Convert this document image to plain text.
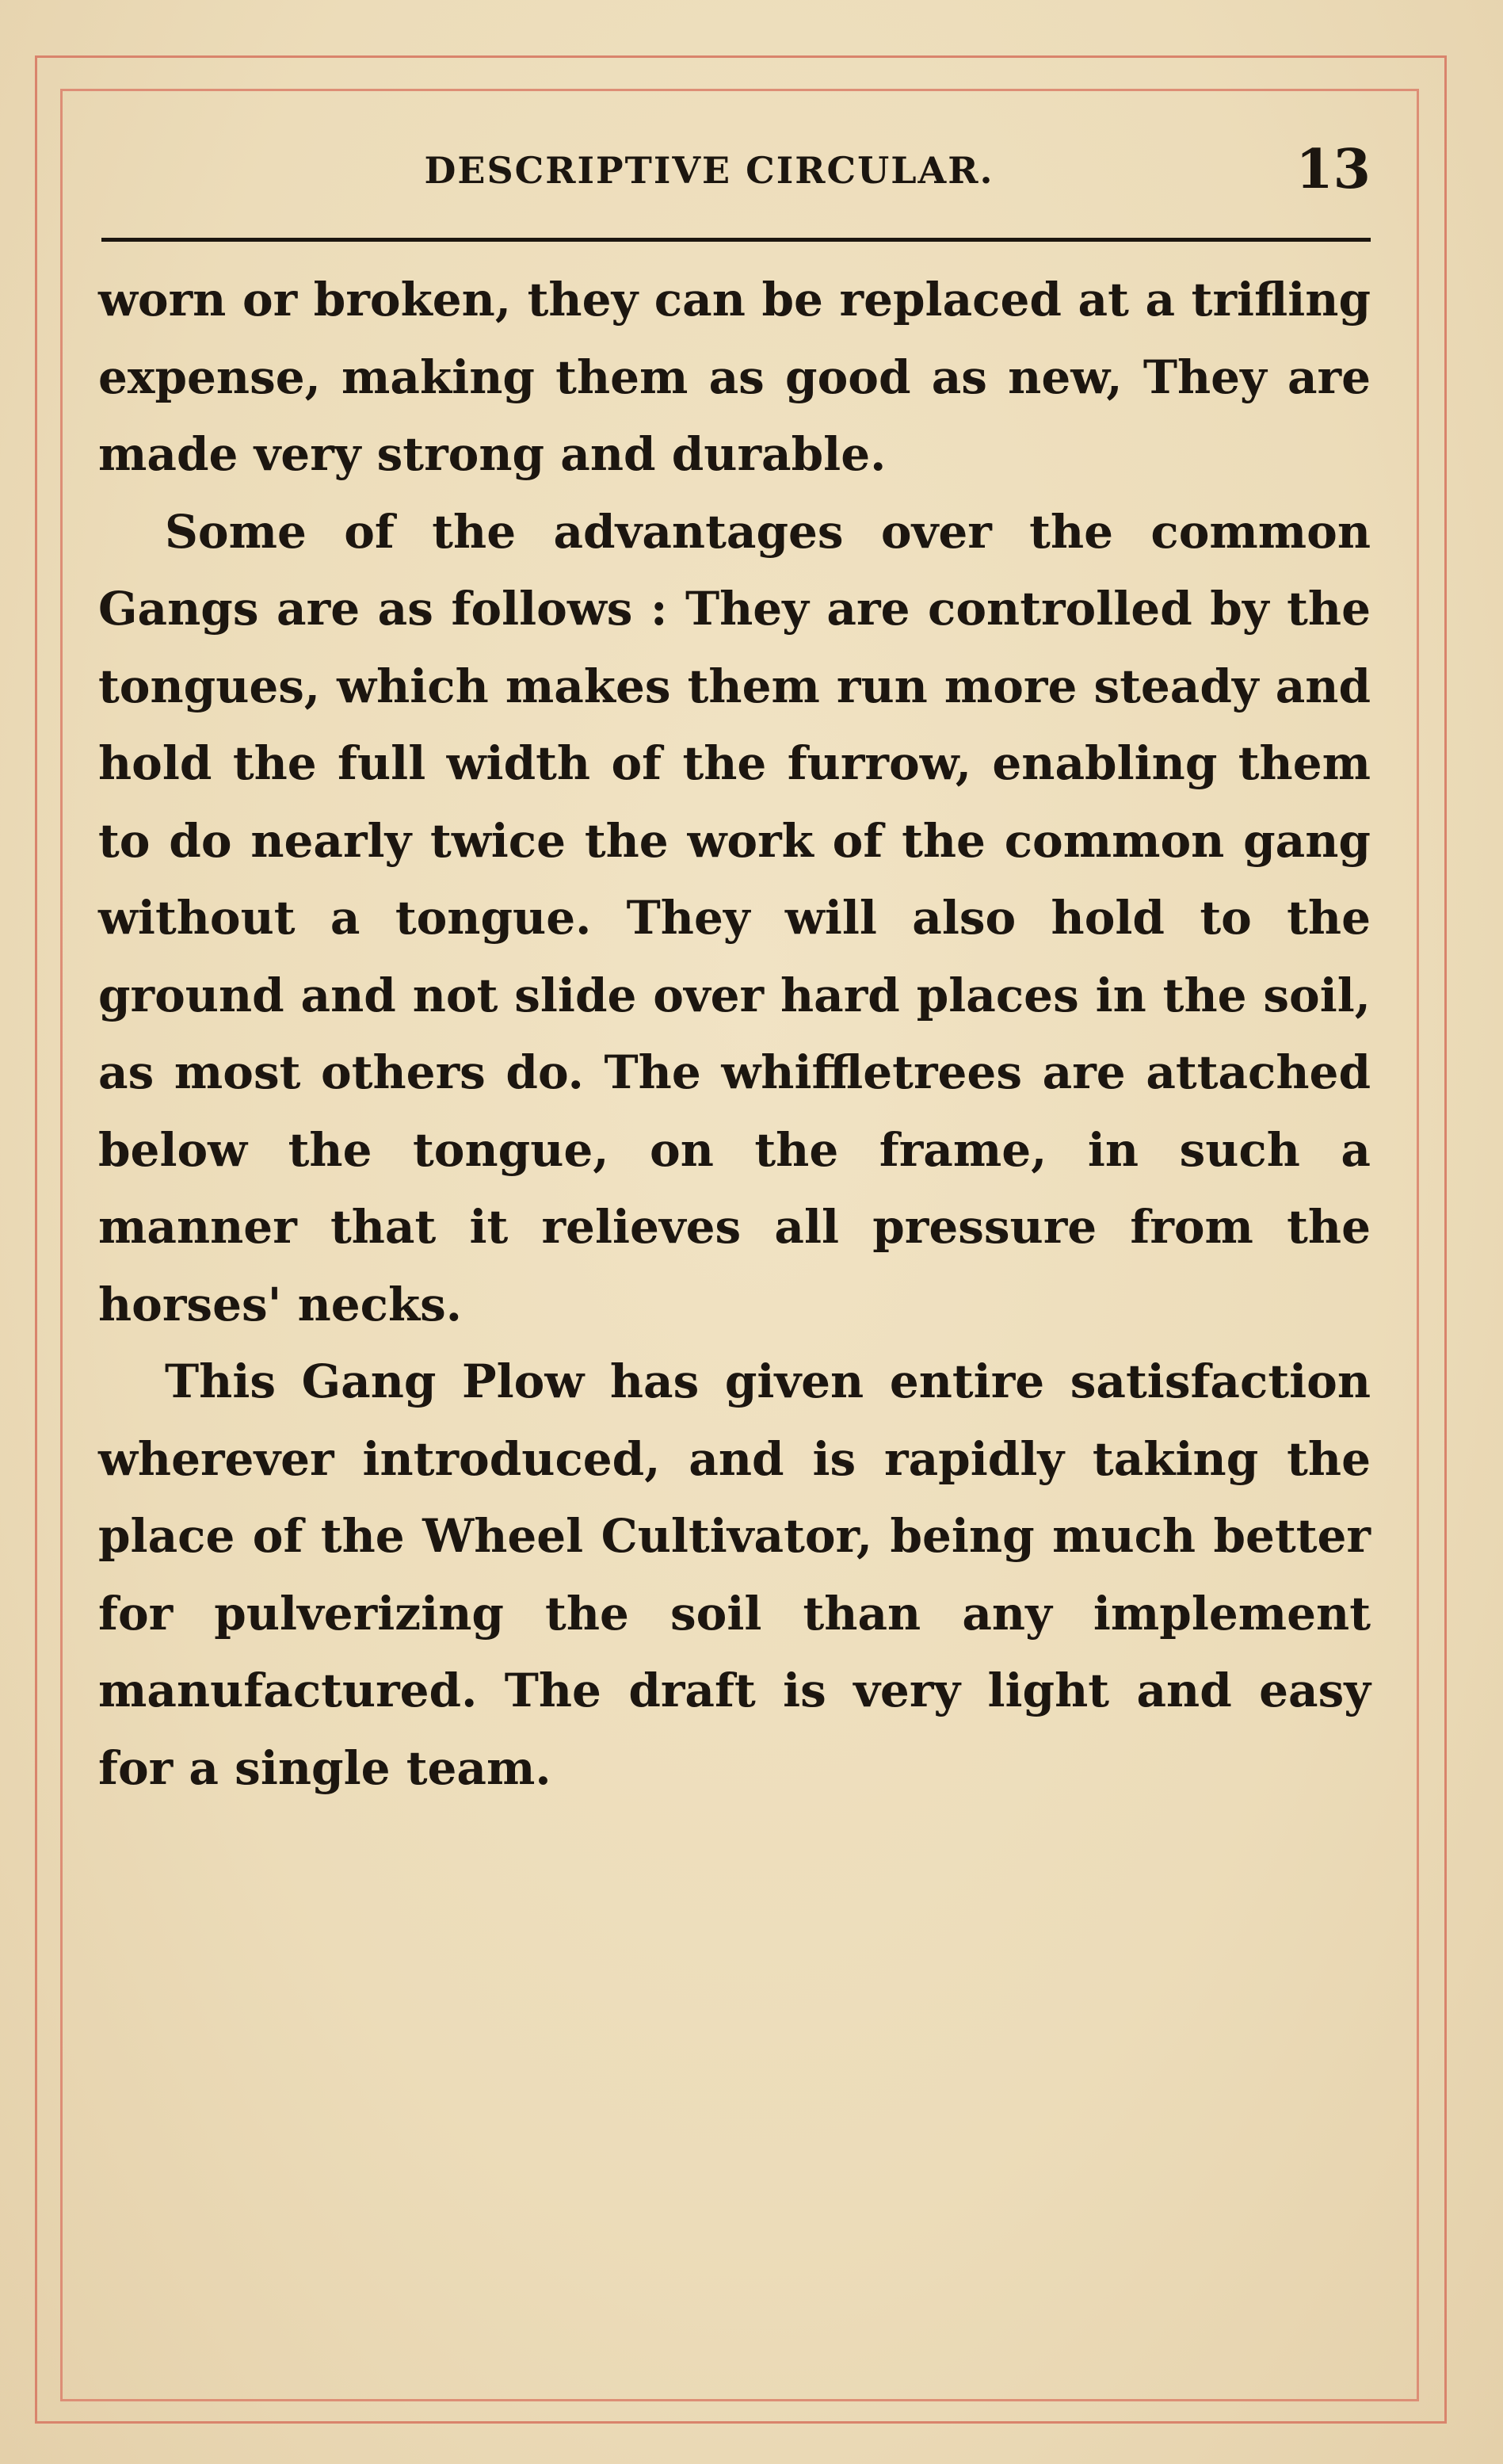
DESCRIPTIVE CIRCULAR.	13

worn or broken, they can be replaced at a trifling expense, making them as good as new, They are made very strong and durable.

Some of the advantages over the common Gangs are as follows : They are controlled by the tongues, which makes them run more steady and hold the full width of the furrow, enabling them to do nearly twice the work of the common gang without a tongue. They will also hold to the ground and not slide over hard places in the soil, as most others do. The whiffletrees are attached below the tongue, on the frame, in such a manner that it relieves all pressure from the horses' necks.

This Gang Plow has given entire satisfaction wherever introduced, and is rapidly taking the place of the Wheel Cultivator, being much better for pulverizing the soil than any implement manufactured. The draft is very light and easy for a single team.
